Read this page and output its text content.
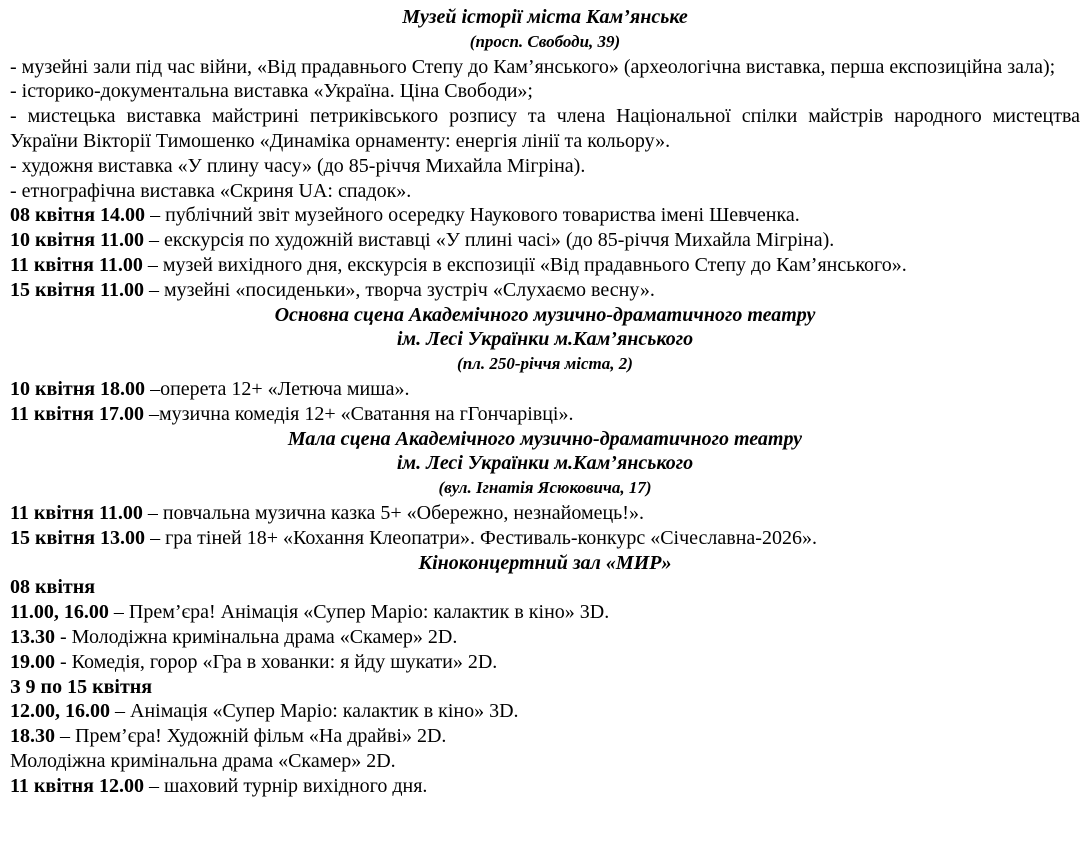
Музей історії міста Кам’янське
(просп. Свободи, 39)
- музейні зали під час війни, «Від прадавнього Степу до Кам’янського» (археологічна виставка, перша експозиційна зала);
- історико-документальна виставка «Україна. Ціна Свободи»;
- мистецька виставка майстрині петриківського розпису та члена Національної спілки майстрів народного мистецтва України Вікторії Тимошенко «Динаміка орнаменту: енергія лінії та кольору».
- художня виставка «У плину часу» (до 85-річчя Михайла Мігріна).
- етнографічна виставка «Скриня UA: спадок».
08 квітня 14.00 – публічний звіт музейного осередку Наукового товариства імені Шевченка.
10 квітня 11.00 – екскурсія по художній виставці «У плині часі» (до 85-річчя Михайла Мігріна).
11 квітня 11.00 – музей вихідного дня, екскурсія в експозиції «Від прадавнього Степу до Кам’янського».
15 квітня 11.00 – музейні «посиденьки», творча зустріч «Слухаємо весну».
Основна сцена Академічного музично-драматичного театру
ім. Лесі Українки м.Кам’янського
(пл. 250-річчя міста, 2)
10 квітня 18.00 –оперета 12+ «Летюча миша».
11 квітня 17.00 –музична комедія 12+ «Сватання на гГончарівці».
Мала сцена Академічного музично-драматичного театру
ім. Лесі Українки м.Кам’янського
(вул. Ігнатія Ясюковича, 17)
11 квітня 11.00 – повчальна музична казка 5+ «Обережно, незнайомець!».
15 квітня 13.00 – гра тіней 18+ «Кохання Клеопатри». Фестиваль-конкурс «Січеславна-2026».
Кіноконцертний зал «МИР»
08 квітня
11.00, 16.00 – Прем’єра! Анімація «Супер Маріо: калактик в кіно» 3D.
13.30 - Молодіжна кримінальна драма «Скамер» 2D.
19.00 - Комедія, горор «Гра в хованки: я йду шукати» 2D.
З 9 по 15 квітня
12.00, 16.00 – Анімація «Супер Маріо: калактик в кіно» 3D.
18.30 – Прем’єра! Художній фільм «На драйві» 2D.
Молодіжна кримінальна драма «Скамер» 2D.
11 квітня 12.00 – шаховий турнір вихідного дня.
